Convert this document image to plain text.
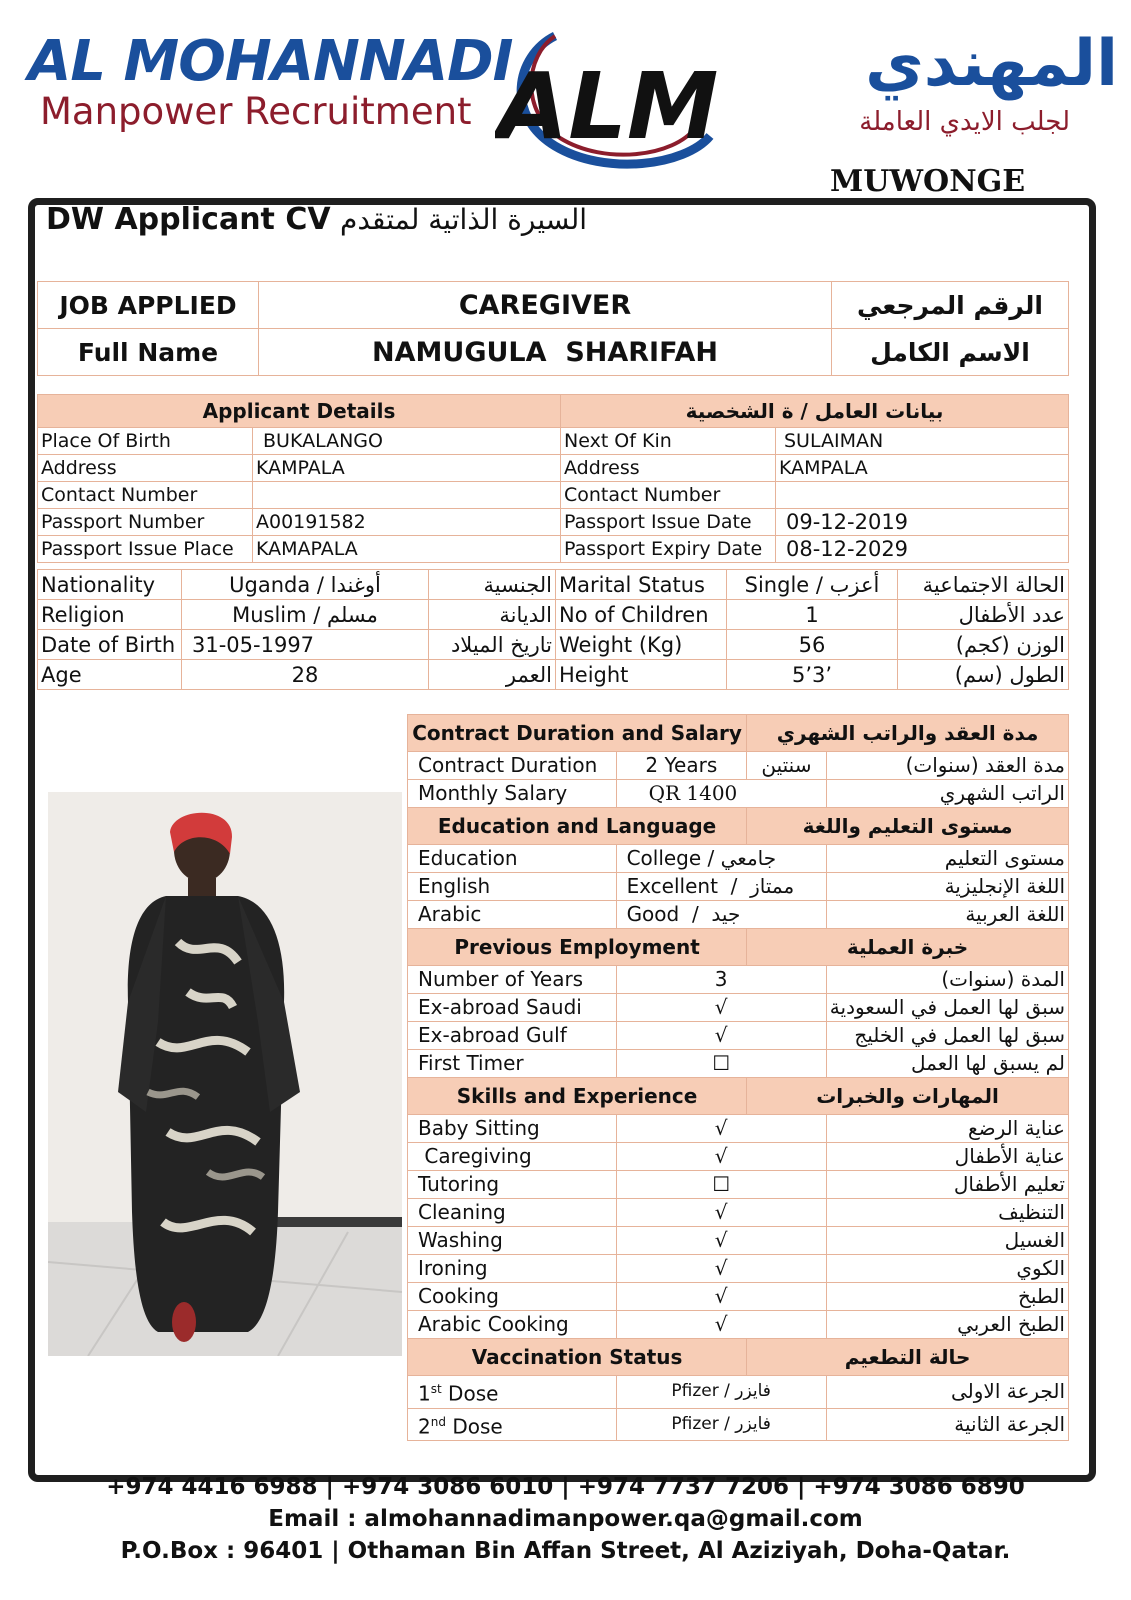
AL MOHANNADI
Manpower Recruitment ALM	المهندي
لجلب الايدي العاملة
MUWONGE
DW Applicant CV السيرة الذاتية لمتقدم
JOB APPLIED	CAREGIVER	الرقم المرجعي
Full Name	NAMUGULA  SHARIFAH	الاسم الكامل
Applicant Details		بيانات العامل / ة الشخصية	
Place Of Birth	BUKALANGO	Next Of Kin	SULAIMAN
Address	KAMPALA	Address	KAMPALA
Contact Number		Contact Number	
Passport Number	A00191582	Passport Issue Date	09-12-2019
Passport Issue Place	KAMAPALA	Passport Expiry Date	08-12-2029
Nationality	Uganda / أوغندا	الجنسية	Marital Status	Single / أعزب	الحالة الاجتماعية
Religion	Muslim / مسلم	الديانة	No of Children	1	عدد الأطفال
Date of Birth	31-05-1997	تاريخ الميلاد	Weight (Kg)	56	الوزن (كجم)
Age	28	العمر	Height	5’3’	الطول (سم)
Contract Duration and Salary		مدة العقد والراتب الشهري	
Contract Duration	2 Years	سنتين	مدة العقد (سنوات)
Monthly Salary	QR 1400		الراتب الشهري
Education and Language		مستوى التعليم واللغة	
Education	College / جامعي		مستوى التعليم
English	Excellent  /  ممتاز		اللغة الإنجليزية
Arabic	Good  /  جيد		اللغة العربية
Previous Employment		خبرة العملية	
Number of Years	3		المدة (سنوات)
Ex-abroad Saudi	√		سبق لها العمل في السعودية
Ex-abroad Gulf	√		سبق لها العمل في الخليج
First Timer	☐		لم يسبق لها العمل
Skills and Experience		المهارات والخبرات	
Baby Sitting	√		عناية الرضع
Caregiving	√		عناية الأطفال
Tutoring	☐		تعليم الأطفال
Cleaning	√		التنظيف
Washing	√		الغسيل
Ironing	√		الكوي
Cooking	√		الطبخ
Arabic Cooking	√		الطبخ العربي
Vaccination Status		حالة التطعيم	
1st Dose	Pfizer / فايزر		الجرعة الاولى
2nd Dose	Pfizer / فايزر		الجرعة الثانية
+974 4416 6988 | +974 3086 6010 | +974 7737 7206 | +974 3086 6890
Email : almohannadimanpower.qa@gmail.com
P.O.Box : 96401 | Othaman Bin Affan Street, Al Aziziyah, Doha-Qatar.
